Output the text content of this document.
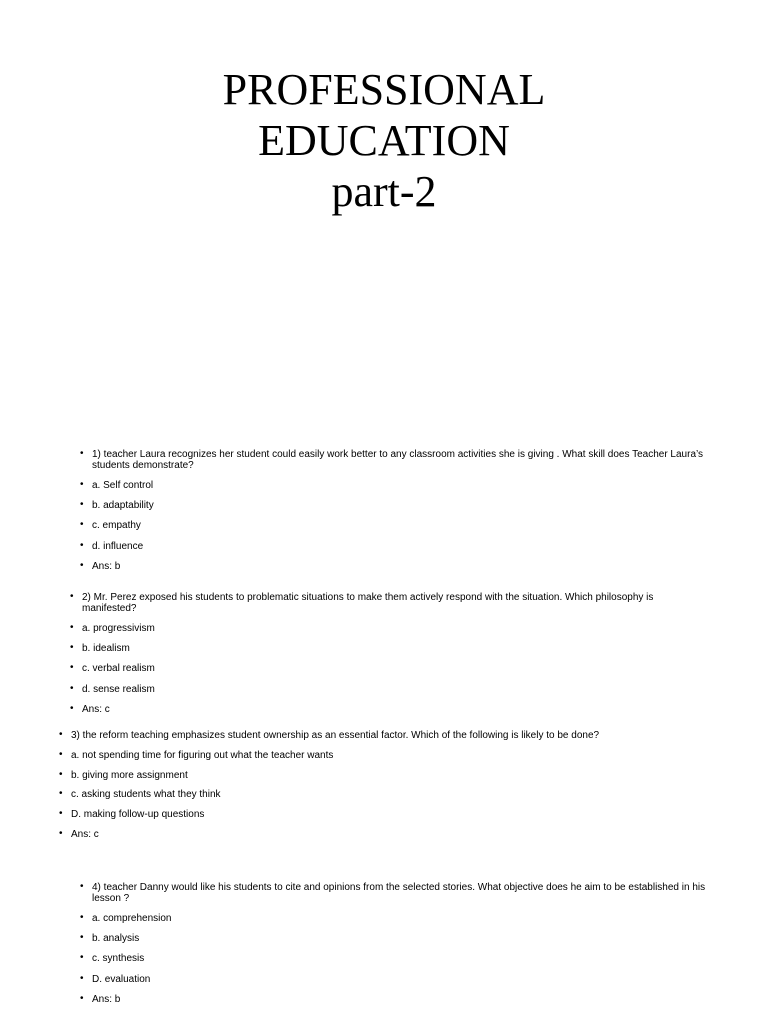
PROFESSIONAL
EDUCATION
part-2
• 1) teacher Laura recognizes her student could easily work better to any classroom activities she is giving . What skill does Teacher Laura’s students demonstrate?
• a. Self control
• b. adaptability
• c. empathy
• d. influence
• Ans: b
• 2) Mr. Perez exposed his students to problematic situations to make them actively respond with the situation. Which philosophy is manifested?
• a. progressivism
• b. idealism
• c. verbal realism
• d. sense realism
• Ans: c
• 3) the reform teaching emphasizes student ownership as an essential factor. Which of the following is likely to be done?
• a. not spending time for figuring out what the teacher wants
• b. giving more assignment
• c. asking students what they think
• D. making follow-up questions
• Ans: c
• 4) teacher Danny would like his students to cite and opinions from the selected stories. What objective does he aim to be established in his lesson ?
• a. comprehension
• b. analysis
• c. synthesis
• D. evaluation
• Ans: b
